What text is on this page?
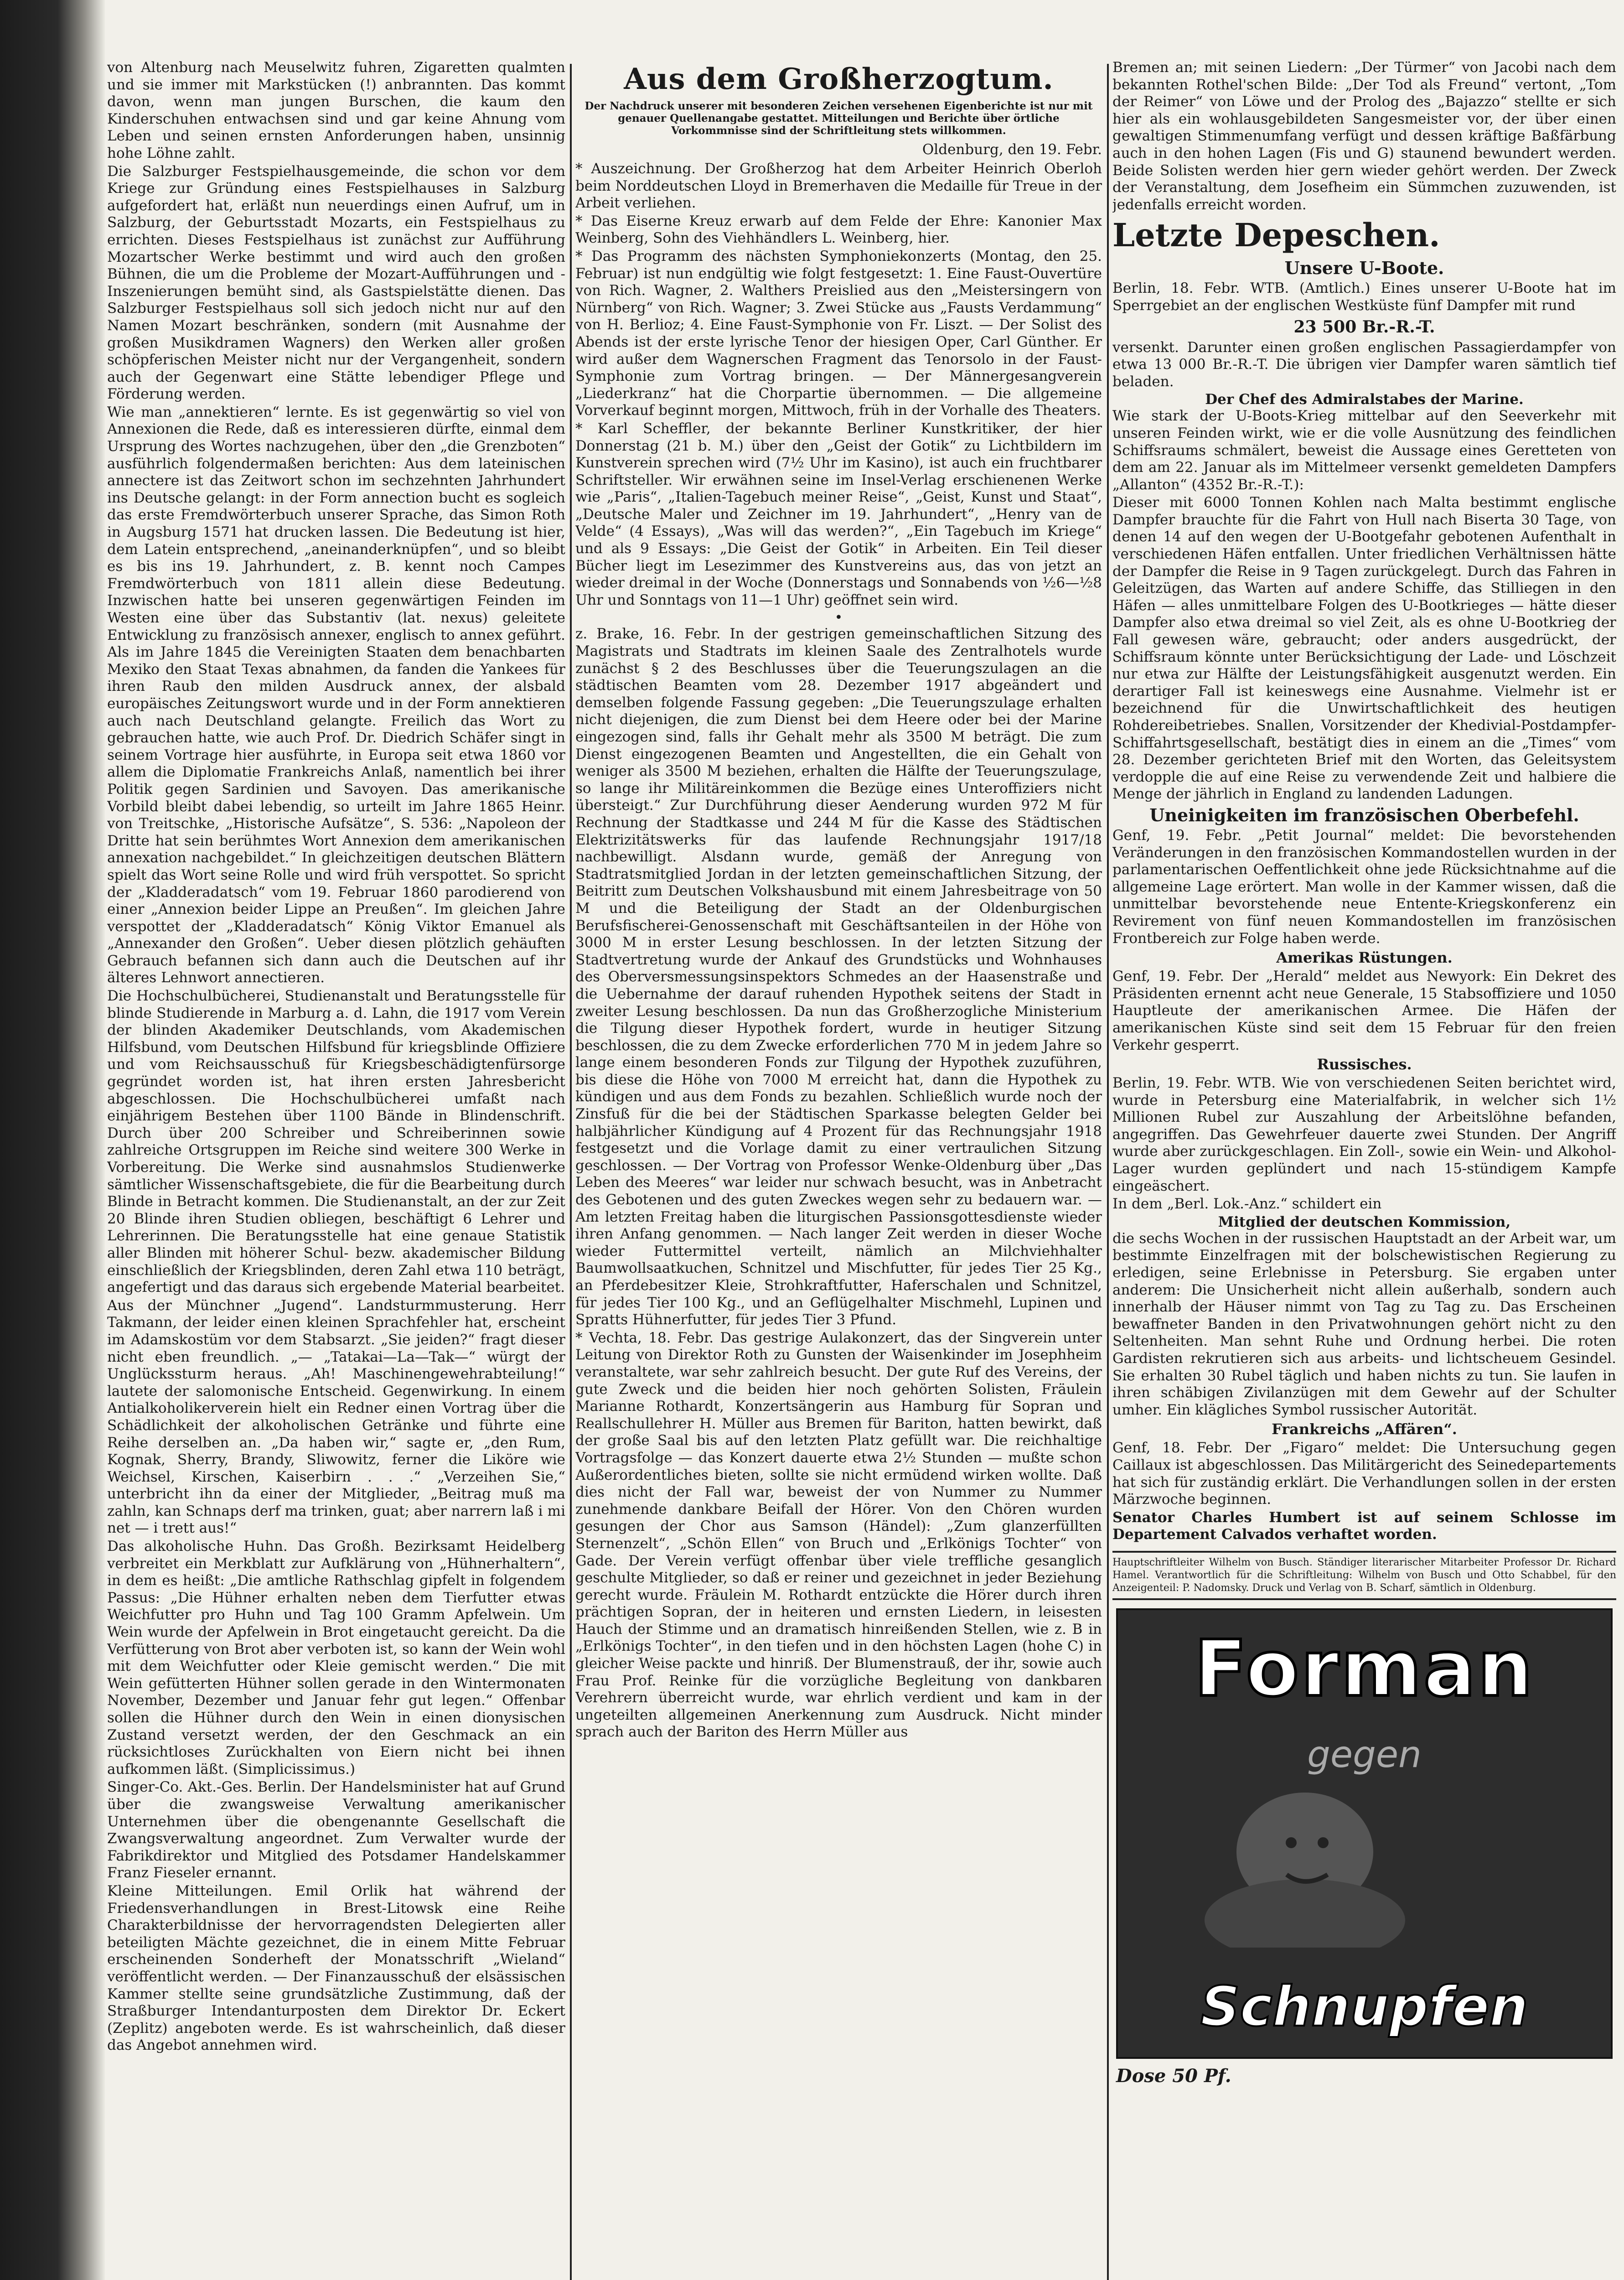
von Altenburg nach Meuselwitz fuhren, Zigaretten qualmten und sie immer mit Markstücken (!) anbrannten. Das kommt davon, wenn man jungen Burschen, die kaum den Kinderschuhen entwachsen sind und gar keine Ahnung vom Leben und seinen ernsten Anforderungen haben, unsinnig hohe Löhne zahlt.

Die Salzburger Festspielhausgemeinde, die schon vor dem Kriege zur Gründung eines Festspielhauses in Salzburg aufgefordert hat, erläßt nun neuerdings einen Aufruf, um in Salzburg, der Geburtsstadt Mozarts, ein Festspielhaus zu errichten. Dieses Festspielhaus ist zunächst zur Aufführung Mozartscher Werke bestimmt und wird auch den großen Bühnen, die um die Probleme der Mozart-Aufführungen und -Inszenierungen bemüht sind, als Gastspielstätte dienen. Das Salzburger Festspielhaus soll sich jedoch nicht nur auf den Namen Mozart beschränken, sondern (mit Ausnahme der großen Musikdramen Wagners) den Werken aller großen schöpferischen Meister nicht nur der Vergangenheit, sondern auch der Gegenwart eine Stätte lebendiger Pflege und Förderung werden.

Wie man „annektieren“ lernte. Es ist gegenwärtig so viel von Annexionen die Rede, daß es interessieren dürfte, einmal dem Ursprung des Wortes nachzugehen, über den „die Grenzboten“ ausführlich folgendermaßen berichten: Aus dem lateinischen annectere ist das Zeitwort schon im sechzehnten Jahrhundert ins Deutsche gelangt: in der Form annection bucht es sogleich das erste Fremdwörterbuch unserer Sprache, das Simon Roth in Augsburg 1571 hat drucken lassen. Die Bedeutung ist hier, dem Latein entsprechend, „aneinanderknüpfen“, und so bleibt es bis ins 19. Jahrhundert, z. B. kennt noch Campes Fremdwörterbuch von 1811 allein diese Bedeutung. Inzwischen hatte bei unseren gegenwärtigen Feinden im Westen eine über das Substantiv (lat. nexus) geleitete Entwicklung zu französisch annexer, englisch to annex geführt. Als im Jahre 1845 die Vereinigten Staaten dem benachbarten Mexiko den Staat Texas abnahmen, da fanden die Yankees für ihren Raub den milden Ausdruck annex, der alsbald europäisches Zeitungswort wurde und in der Form annektieren auch nach Deutschland gelangte. Freilich das Wort zu gebrauchen hatte, wie auch Prof. Dr. Diedrich Schäfer singt in seinem Vortrage hier ausführte, in Europa seit etwa 1860 vor allem die Diplomatie Frankreichs Anlaß, namentlich bei ihrer Politik gegen Sardinien und Savoyen. Das amerikanische Vorbild bleibt dabei lebendig, so urteilt im Jahre 1865 Heinr. von Treitschke, „Historische Aufsätze“, S. 536: „Napoleon der Dritte hat sein berühmtes Wort Annexion dem amerikanischen annexation nachgebildet.“ In gleichzeitigen deutschen Blättern spielt das Wort seine Rolle und wird früh verspottet. So spricht der „Kladderadatsch“ vom 19. Februar 1860 parodierend von einer „Annexion beider Lippe an Preußen“. Im gleichen Jahre verspottet der „Kladderadatsch“ König Viktor Emanuel als „Annexander den Großen“. Ueber diesen plötzlich gehäuften Gebrauch befannen sich dann auch die Deutschen auf ihr älteres Lehnwort annectieren.

Die Hochschulbücherei, Studienanstalt und Beratungsstelle für blinde Studierende in Marburg a. d. Lahn, die 1917 vom Verein der blinden Akademiker Deutschlands, vom Akademischen Hilfsbund, vom Deutschen Hilfsbund für kriegsblinde Offiziere und vom Reichsausschuß für Kriegsbeschädigtenfürsorge gegründet worden ist, hat ihren ersten Jahresbericht abgeschlossen. Die Hochschulbücherei umfaßt nach einjährigem Bestehen über 1100 Bände in Blindenschrift. Durch über 200 Schreiber und Schreiberinnen sowie zahlreiche Ortsgruppen im Reiche sind weitere 300 Werke in Vorbereitung. Die Werke sind ausnahmslos Studienwerke sämtlicher Wissenschaftsgebiete, die für die Bearbeitung durch Blinde in Betracht kommen. Die Studienanstalt, an der zur Zeit 20 Blinde ihren Studien obliegen, beschäftigt 6 Lehrer und Lehrerinnen. Die Beratungsstelle hat eine genaue Statistik aller Blinden mit höherer Schul- bezw. akademischer Bildung einschließlich der Kriegsblinden, deren Zahl etwa 110 beträgt, angefertigt und das daraus sich ergebende Material bearbeitet.

Aus der Münchner „Jugend“. Landsturmmusterung. Herr Takmann, der leider einen kleinen Sprachfehler hat, erscheint im Adamskostüm vor dem Stabsarzt. „Sie jeiden?“ fragt dieser nicht eben freundlich. „— „Tatakai—La—Tak—“ würgt der Unglückssturm heraus. „Ah! Maschinengewehrabteilung!“ lautete der salomonische Entscheid. Gegenwirkung. In einem Antialkoholikerverein hielt ein Redner einen Vortrag über die Schädlichkeit der alkoholischen Getränke und führte eine Reihe derselben an. „Da haben wir,“ sagte er, „den Rum, Kognak, Sherry, Brandy, Sliwowitz, ferner die Liköre wie Weichsel, Kirschen, Kaiserbirn . . .“ „Verzeihen Sie,“ unterbricht ihn da einer der Mitglieder, „Beitrag muß ma zahln, kan Schnaps derf ma trinken, guat; aber narrern laß i mi net — i trett aus!“

Das alkoholische Huhn. Das Großh. Bezirksamt Heidelberg verbreitet ein Merkblatt zur Aufklärung von „Hühnerhaltern“, in dem es heißt: „Die amtliche Rathschlag gipfelt in folgendem Passus: „Die Hühner erhalten neben dem Tierfutter etwas Weichfutter pro Huhn und Tag 100 Gramm Apfelwein. Um Wein wurde der Apfelwein in Brot eingetaucht gereicht. Da die Verfütterung von Brot aber verboten ist, so kann der Wein wohl mit dem Weichfutter oder Kleie gemischt werden.“ Die mit Wein gefütterten Hühner sollen gerade in den Wintermonaten November, Dezember und Januar fehr gut legen.“ Offenbar sollen die Hühner durch den Wein in einen dionysischen Zustand versetzt werden, der den Geschmack an ein rücksichtloses Zurückhalten von Eiern nicht bei ihnen aufkommen läßt. (Simplicissimus.)

Singer-Co. Akt.-Ges. Berlin. Der Handelsminister hat auf Grund über die zwangsweise Verwaltung amerikanischer Unternehmen über die obengenannte Gesellschaft die Zwangsverwaltung angeordnet. Zum Verwalter wurde der Fabrikdirektor und Mitglied des Potsdamer Handelskammer Franz Fieseler ernannt.

Kleine Mitteilungen. Emil Orlik hat während der Friedensverhandlungen in Brest-Litowsk eine Reihe Charakterbildnisse der hervorragendsten Delegierten aller beteiligten Mächte gezeichnet, die in einem Mitte Februar erscheinenden Sonderheft der Monatsschrift „Wieland“ veröffentlicht werden. — Der Finanzausschuß der elsässischen Kammer stellte seine grundsätzliche Zustimmung, daß der Straßburger Intendanturposten dem Direktor Dr. Eckert (Zeplitz) angeboten werde. Es ist wahrscheinlich, daß dieser das Angebot annehmen wird.

Aus dem Großherzogtum.
Der Nachdruck unserer mit besonderen Zeichen versehenen Eigenberichte ist nur mit genauer Quellenangabe gestattet. Mitteilungen und Berichte über örtliche Vorkommnisse sind der Schriftleitung stets willkommen.
Oldenburg, den 19. Febr.

* Auszeichnung. Der Großherzog hat dem Arbeiter Heinrich Oberloh beim Norddeutschen Lloyd in Bremerhaven die Medaille für Treue in der Arbeit verliehen.

* Das Eiserne Kreuz erwarb auf dem Felde der Ehre: Kanonier Max Weinberg, Sohn des Viehhändlers L. Weinberg, hier.

* Das Programm des nächsten Symphoniekonzerts (Montag, den 25. Februar) ist nun endgültig wie folgt festgesetzt: 1. Eine Faust-Ouvertüre von Rich. Wagner, 2. Walthers Preislied aus den „Meistersingern von Nürnberg“ von Rich. Wagner; 3. Zwei Stücke aus „Fausts Verdammung“ von H. Berlioz; 4. Eine Faust-Symphonie von Fr. Liszt. — Der Solist des Abends ist der erste lyrische Tenor der hiesigen Oper, Carl Günther. Er wird außer dem Wagnerschen Fragment das Tenorsolo in der Faust-Symphonie zum Vortrag bringen. — Der Männergesangverein „Liederkranz“ hat die Chorpartie übernommen. — Die allgemeine Vorverkauf beginnt morgen, Mittwoch, früh in der Vorhalle des Theaters.

* Karl Scheffler, der bekannte Berliner Kunstkritiker, der hier Donnerstag (21 b. M.) über den „Geist der Gotik“ zu Lichtbildern im Kunstverein sprechen wird (7½ Uhr im Kasino), ist auch ein fruchtbarer Schriftsteller. Wir erwähnen seine im Insel-Verlag erschienenen Werke wie „Paris“, „Italien-Tagebuch meiner Reise“, „Geist, Kunst und Staat“, „Deutsche Maler und Zeichner im 19. Jahrhundert“, „Henry van de Velde“ (4 Essays), „Was will das werden?“, „Ein Tagebuch im Kriege“ und als 9 Essays: „Die Geist der Gotik“ in Arbeiten. Ein Teil dieser Bücher liegt im Lesezimmer des Kunstvereins aus, das von jetzt an wieder dreimal in der Woche (Donnerstags und Sonnabends von ½6—½8 Uhr und Sonntags von 11—1 Uhr) geöffnet sein wird.

•

z. Brake, 16. Febr. In der gestrigen gemeinschaftlichen Sitzung des Magistrats und Stadtrats im kleinen Saale des Zentralhotels wurde zunächst § 2 des Beschlusses über die Teuerungszulagen an die städtischen Beamten vom 28. Dezember 1917 abgeändert und demselben folgende Fassung gegeben: „Die Teuerungszulage erhalten nicht diejenigen, die zum Dienst bei dem Heere oder bei der Marine eingezogen sind, falls ihr Gehalt mehr als 3500 M beträgt. Die zum Dienst eingezogenen Beamten und Angestellten, die ein Gehalt von weniger als 3500 M beziehen, erhalten die Hälfte der Teuerungszulage, so lange ihr Militäreinkommen die Bezüge eines Unteroffiziers nicht übersteigt.“ Zur Durchführung dieser Aenderung wurden 972 M für Rechnung der Stadtkasse und 244 M für die Kasse des Städtischen Elektrizitätswerks für das laufende Rechnungsjahr 1917/18 nachbewilligt. Alsdann wurde, gemäß der Anregung von Stadtratsmitglied Jordan in der letzten gemeinschaftlichen Sitzung, der Beitritt zum Deutschen Volkshausbund mit einem Jahresbeitrage von 50 M und die Beteiligung der Stadt an der Oldenburgischen Berufsfischerei-Genossenschaft mit Geschäftsanteilen in der Höhe von 3000 M in erster Lesung beschlossen. In der letzten Sitzung der Stadtvertretung wurde der Ankauf des Grundstücks und Wohnhauses des Oberversmessungsinspektors Schmedes an der Haasenstraße und die Uebernahme der darauf ruhenden Hypothek seitens der Stadt in zweiter Lesung beschlossen. Da nun das Großherzogliche Ministerium die Tilgung dieser Hypothek fordert, wurde in heutiger Sitzung beschlossen, die zu dem Zwecke erforderlichen 770 M in jedem Jahre so lange einem besonderen Fonds zur Tilgung der Hypothek zuzuführen, bis diese die Höhe von 7000 M erreicht hat, dann die Hypothek zu kündigen und aus dem Fonds zu bezahlen. Schließlich wurde noch der Zinsfuß für die bei der Städtischen Sparkasse belegten Gelder bei halbjährlicher Kündigung auf 4 Prozent für das Rechnungsjahr 1918 festgesetzt und die Vorlage damit zu einer vertraulichen Sitzung geschlossen. — Der Vortrag von Professor Wenke-Oldenburg über „Das Leben des Meeres“ war leider nur schwach besucht, was in Anbetracht des Gebotenen und des guten Zweckes wegen sehr zu bedauern war. — Am letzten Freitag haben die liturgischen Passionsgottesdienste wieder ihren Anfang genommen. — Nach langer Zeit werden in dieser Woche wieder Futtermittel verteilt, nämlich an Milchviehhalter Baumwollsaatkuchen, Schnitzel und Mischfutter, für jedes Tier 25 Kg., an Pferdebesitzer Kleie, Strohkraftfutter, Haferschalen und Schnitzel, für jedes Tier 100 Kg., und an Geflügelhalter Mischmehl, Lupinen und Spratts Hühnerfutter, für jedes Tier 3 Pfund.

* Vechta, 18. Febr. Das gestrige Aulakonzert, das der Singverein unter Leitung von Direktor Roth zu Gunsten der Waisenkinder im Josephheim veranstaltete, war sehr zahlreich besucht. Der gute Ruf des Vereins, der gute Zweck und die beiden hier noch gehörten Solisten, Fräulein Marianne Rothardt, Konzertsängerin aus Hamburg für Sopran und Reallschullehrer H. Müller aus Bremen für Bariton, hatten bewirkt, daß der große Saal bis auf den letzten Platz gefüllt war. Die reichhaltige Vortragsfolge — das Konzert dauerte etwa 2½ Stunden — mußte schon Außerordentliches bieten, sollte sie nicht ermüdend wirken wollte. Daß dies nicht der Fall war, beweist der von Nummer zu Nummer zunehmende dankbare Beifall der Hörer. Von den Chören wurden gesungen der Chor aus Samson (Händel): „Zum glanzerfüllten Sternenzelt“, „Schön Ellen“ von Bruch und „Erlkönigs Tochter“ von Gade. Der Verein verfügt offenbar über viele treffliche gesanglich geschulte Mitglieder, so daß er reiner und gezeichnet in jeder Beziehung gerecht wurde. Fräulein M. Rothardt entzückte die Hörer durch ihren prächtigen Sopran, der in heiteren und ernsten Liedern, in leisesten Hauch der Stimme und an dramatisch hinreißenden Stellen, wie z. B in „Erlkönigs Tochter“, in den tiefen und in den höchsten Lagen (hohe C) in gleicher Weise packte und hinriß. Der Blumenstrauß, der ihr, sowie auch Frau Prof. Reinke für die vorzügliche Begleitung von dankbaren Verehrern überreicht wurde, war ehrlich verdient und kam in der ungeteilten allgemeinen Anerkennung zum Ausdruck. Nicht minder sprach auch der Bariton des Herrn Müller aus

Bremen an; mit seinen Liedern: „Der Türmer“ von Jacobi nach dem bekannten Rothel'schen Bilde: „Der Tod als Freund“ vertont, „Tom der Reimer“ von Löwe und der Prolog des „Bajazzo“ stellte er sich hier als ein wohlausgebildeten Sangesmeister vor, der über einen gewaltigen Stimmenumfang verfügt und dessen kräftige Baßfärbung auch in den hohen Lagen (Fis und G) staunend bewundert werden. Beide Solisten werden hier gern wieder gehört werden. Der Zweck der Veranstaltung, dem Josefheim ein Sümmchen zuzuwenden, ist jedenfalls erreicht worden.

Letzte Depeschen.
Unsere U-Boote.

Berlin, 18. Febr. WTB. (Amtlich.) Eines unserer U-Boote hat im Sperrgebiet an der englischen Westküste fünf Dampfer mit rund

23 500 Br.-R.-T.

versenkt. Darunter einen großen englischen Passagierdampfer von etwa 13 000 Br.-R.-T. Die übrigen vier Dampfer waren sämtlich tief beladen.

Der Chef des Admiralstabes der Marine.

Wie stark der U-Boots-Krieg mittelbar auf den Seeverkehr mit unseren Feinden wirkt, wie er die volle Ausnützung des feindlichen Schiffsraums schmälert, beweist die Aussage eines Geretteten von dem am 22. Januar als im Mittelmeer versenkt gemeldeten Dampfers „Allanton“ (4352 Br.-R.-T.):

Dieser mit 6000 Tonnen Kohlen nach Malta bestimmt englische Dampfer brauchte für die Fahrt von Hull nach Biserta 30 Tage, von denen 14 auf den wegen der U-Bootgefahr gebotenen Aufenthalt in verschiedenen Häfen entfallen. Unter friedlichen Verhältnissen hätte der Dampfer die Reise in 9 Tagen zurückgelegt. Durch das Fahren in Geleitzügen, das Warten auf andere Schiffe, das Stilliegen in den Häfen — alles unmittelbare Folgen des U-Bootkrieges — hätte dieser Dampfer also etwa dreimal so viel Zeit, als es ohne U-Bootkrieg der Fall gewesen wäre, gebraucht; oder anders ausgedrückt, der Schiffsraum könnte unter Berücksichtigung der Lade- und Löschzeit nur etwa zur Hälfte der Leistungsfähigkeit ausgenutzt werden. Ein derartiger Fall ist keineswegs eine Ausnahme. Vielmehr ist er bezeichnend für die Unwirtschaftlichkeit des heutigen Rohdereibetriebes. Snallen, Vorsitzender der Khedivial-Postdampfer-Schiffahrtsgesellschaft, bestätigt dies in einem an die „Times“ vom 28. Dezember gerichteten Brief mit den Worten, das Geleitsystem verdopple die auf eine Reise zu verwendende Zeit und halbiere die Menge der jährlich in England zu landenden Ladungen.

Uneinigkeiten im französischen Oberbefehl.

Genf, 19. Febr. „Petit Journal“ meldet: Die bevorstehenden Veränderungen in den französischen Kommandostellen wurden in der parlamentarischen Oeffentlichkeit ohne jede Rücksichtnahme auf die allgemeine Lage erörtert. Man wolle in der Kammer wissen, daß die unmittelbar bevorstehende neue Entente-Kriegskonferenz ein Revirement von fünf neuen Kommandostellen im französischen Frontbereich zur Folge haben werde.

Amerikas Rüstungen.

Genf, 19. Febr. Der „Herald“ meldet aus Newyork: Ein Dekret des Präsidenten ernennt acht neue Generale, 15 Stabsoffiziere und 1050 Hauptleute der amerikanischen Armee. Die Häfen der amerikanischen Küste sind seit dem 15 Februar für den freien Verkehr gesperrt.

Russisches.

Berlin, 19. Febr. WTB. Wie von verschiedenen Seiten berichtet wird, wurde in Petersburg eine Materialfabrik, in welcher sich 1½ Millionen Rubel zur Auszahlung der Arbeitslöhne befanden, angegriffen. Das Gewehrfeuer dauerte zwei Stunden. Der Angriff wurde aber zurückgeschlagen. Ein Zoll-, sowie ein Wein- und Alkohol-Lager wurden geplündert und nach 15-stündigem Kampfe eingeäschert.

In dem „Berl. Lok.-Anz.“ schildert ein

Mitglied der deutschen Kommission,

die sechs Wochen in der russischen Hauptstadt an der Arbeit war, um bestimmte Einzelfragen mit der bolschewistischen Regierung zu erledigen, seine Erlebnisse in Petersburg. Sie ergaben unter anderem: Die Unsicherheit nicht allein außerhalb, sondern auch innerhalb der Häuser nimmt von Tag zu Tag zu. Das Erscheinen bewaffneter Banden in den Privatwohnungen gehört nicht zu den Seltenheiten. Man sehnt Ruhe und Ordnung herbei. Die roten Gardisten rekrutieren sich aus arbeits- und lichtscheuem Gesindel. Sie erhalten 30 Rubel täglich und haben nichts zu tun. Sie laufen in ihren schäbigen Zivilanzügen mit dem Gewehr auf der Schulter umher. Ein klägliches Symbol russischer Autorität.

Frankreichs „Affären“.

Genf, 18. Febr. Der „Figaro“ meldet: Die Untersuchung gegen Caillaux ist abgeschlossen. Das Militärgericht des Seinedepartements hat sich für zuständig erklärt. Die Verhandlungen sollen in der ersten Märzwoche beginnen.

Senator Charles Humbert ist auf seinem Schlosse im Departement Calvados verhaftet worden.

Hauptschriftleiter Wilhelm von Busch. Ständiger literarischer Mitarbeiter Professor Dr. Richard Hamel. Verantwortlich für die Schriftleitung: Wilhelm von Busch und Otto Schabbel, für den Anzeigenteil: P. Nadomsky. Druck und Verlag von B. Scharf, sämtlich in Oldenburg.
Forman
gegen
Schnupfen
Dose 50 Pf.
